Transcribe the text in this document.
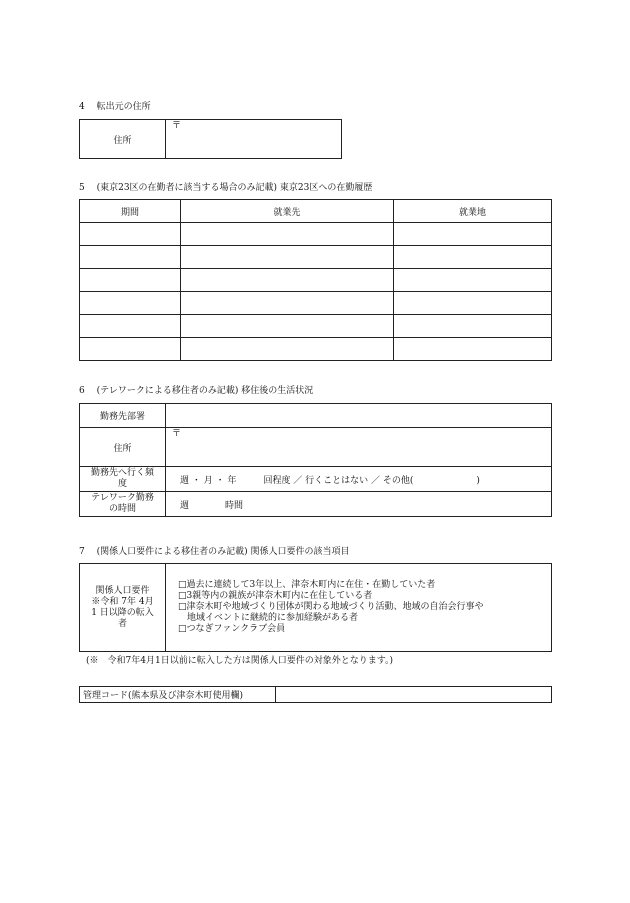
4　 転出元の住所
住所	〒
5　 (東京23区の在勤者に該当する場合のみ記載) 東京23区への在勤履歴
期間	就業先	就業地

6　 (テレワークによる移住者のみ記載) 移住後の生活状況
勤務先部署	
住所	〒

勤務先へ行く頻
度	週 ・ 月 ・ 年　　　回程度 ／ 行くことはない ／ その他(　　　　　　　)

テレワーク勤務
の時間	週　　　　時間
7　 (関係人口要件による移住者のみ記載) 関係人口要件の該当項目
関係人口要件
※令和 7年 4月
1 日以降の転入
者

□過去に連続して3年以上、津奈木町内に在住・在勤していた者
□3親等内の親族が津奈木町内に在住している者
□津奈木町や地域づくり団体が関わる地域づくり活動、地域の自治会行事や
　地域イベントに継続的に参加経験がある者
□つなぎファンクラブ会員
(※　令和7年4月1日以前に転入した方は関係人口要件の対象外となります。)
管理コード(熊本県及び津奈木町使用欄)	
